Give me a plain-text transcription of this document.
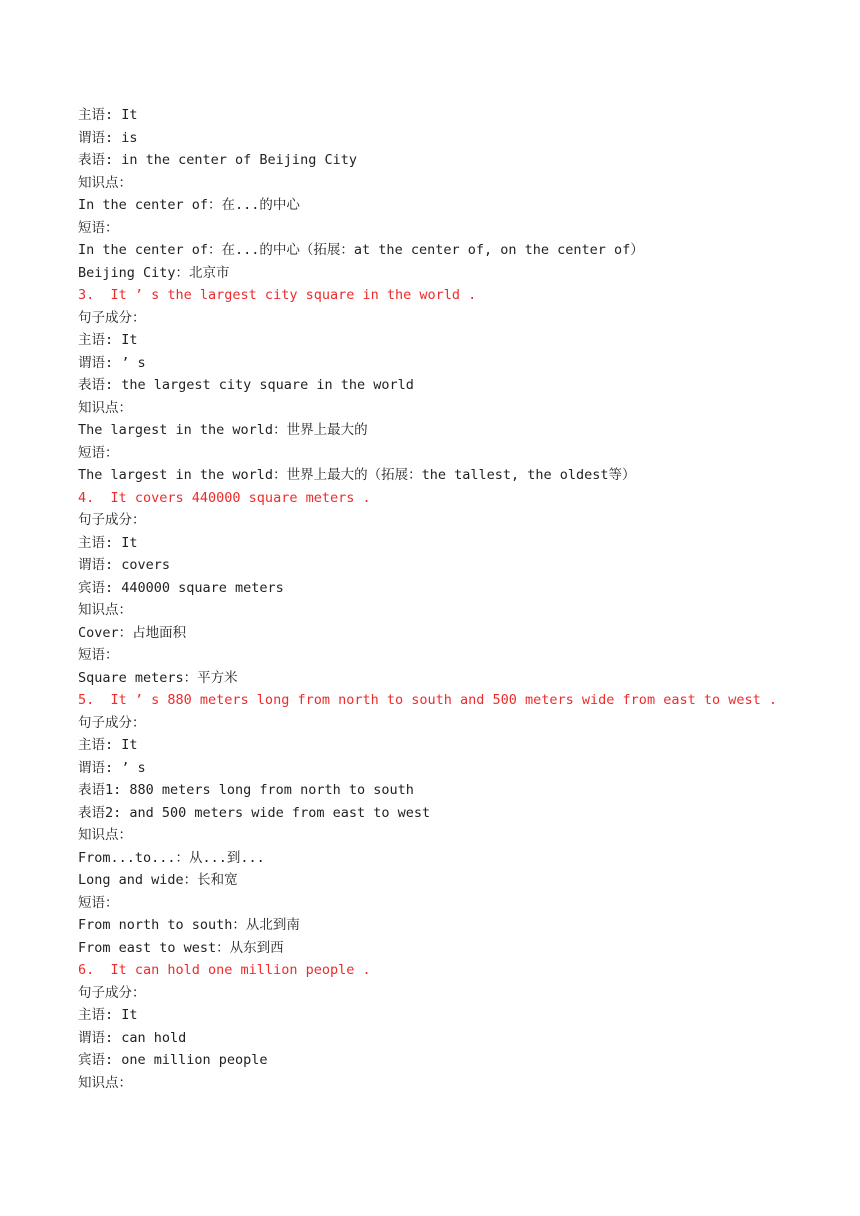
主语: It
谓语: is
表语: in the center of Beijing City
知识点：
In the center of：在...的中心
短语：
In the center of：在...的中心（拓展：at the center of, on the center of）
Beijing City：北京市
3.  It ’ s the largest city square in the world .
句子成分：
主语: It
谓语: ’ s
表语: the largest city square in the world
知识点：
The largest in the world：世界上最大的
短语：
The largest in the world：世界上最大的（拓展：the tallest, the oldest等）
4.  It covers 440000 square meters .
句子成分：
主语: It
谓语: covers
宾语: 440000 square meters
知识点：
Cover：占地面积
短语：
Square meters：平方米
5.  It ’ s 880 meters long from north to south and 500 meters wide from east to west .
句子成分：
主语: It
谓语: ’ s
表语1: 880 meters long from north to south
表语2: and 500 meters wide from east to west
知识点：
From...to...：从...到...
Long and wide：长和宽
短语：
From north to south：从北到南
From east to west：从东到西
6.  It can hold one million people .
句子成分：
主语: It
谓语: can hold
宾语: one million people
知识点：
